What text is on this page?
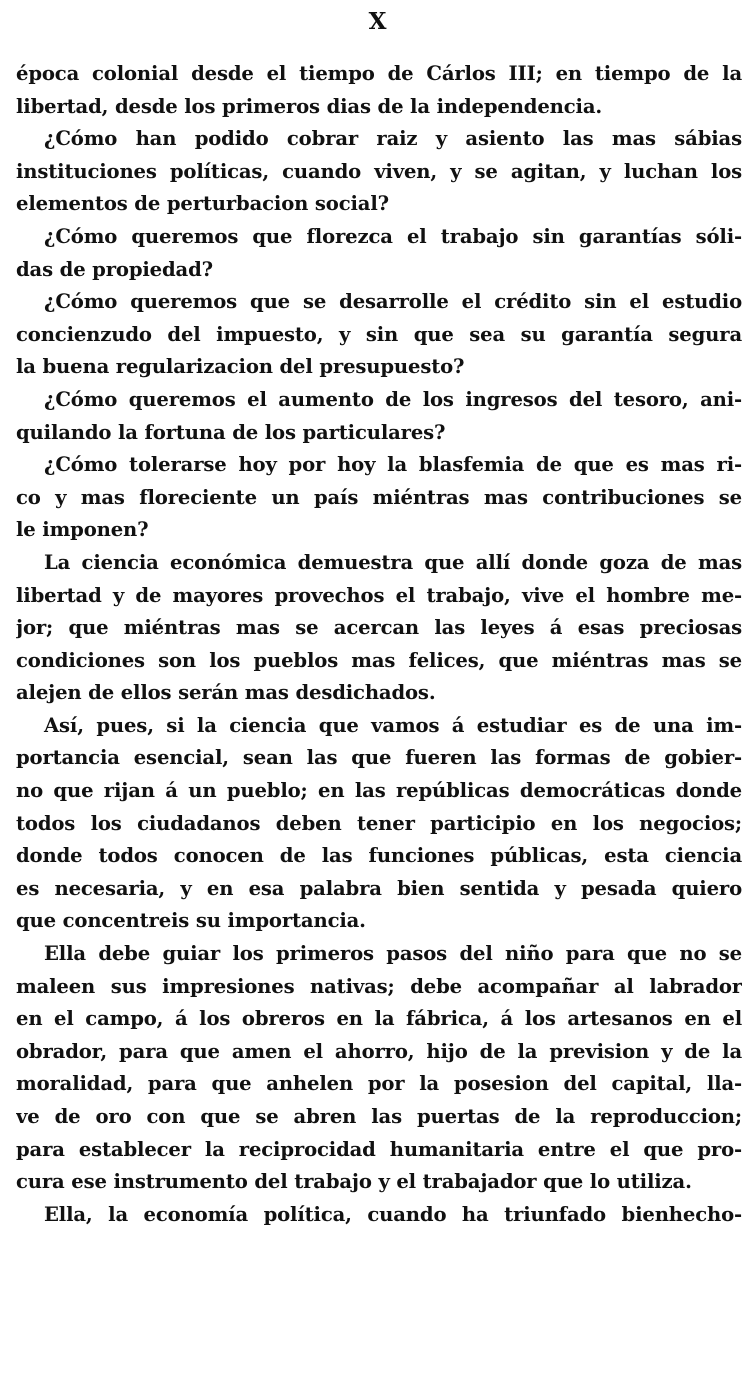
X
época colonial desde el tiempo de Cárlos III; en tiempo de la
libertad, desde los primeros dias de la independencia.
¿Cómo han podido cobrar raiz y asiento las mas sábias
instituciones políticas, cuando viven, y se agitan, y luchan los
elementos de perturbacion social?
¿Cómo queremos que florezca el trabajo sin garantías sóli-
das de propiedad?
¿Cómo queremos que se desarrolle el crédito sin el estudio
concienzudo del impuesto, y sin que sea su garantía segura
la buena regularizacion del presupuesto?
¿Cómo queremos el aumento de los ingresos del tesoro, ani-
quilando la fortuna de los particulares?
¿Cómo tolerarse hoy por hoy la blasfemia de que es mas ri-
co y mas floreciente un país miéntras mas contribuciones se
le imponen?
La ciencia económica demuestra que allí donde goza de mas
libertad y de mayores provechos el trabajo, vive el hombre me-
jor; que miéntras mas se acercan las leyes á esas preciosas
condiciones son los pueblos mas felices, que miéntras mas se
alejen de ellos serán mas desdichados.
Así, pues, si la ciencia que vamos á estudiar es de una im-
portancia esencial, sean las que fueren las formas de gobier-
no que rijan á un pueblo; en las repúblicas democráticas donde
todos los ciudadanos deben tener participio en los negocios;
donde todos conocen de las funciones públicas, esta ciencia
es necesaria, y en esa palabra bien sentida y pesada quiero
que concentreis su importancia.
Ella debe guiar los primeros pasos del niño para que no se
maleen sus impresiones nativas; debe acompañar al labrador
en el campo, á los obreros en la fábrica, á los artesanos en el
obrador, para que amen el ahorro, hijo de la prevision y de la
moralidad, para que anhelen por la posesion del capital, lla-
ve de oro con que se abren las puertas de la reproduccion;
para establecer la reciprocidad humanitaria entre el que pro-
cura ese instrumento del trabajo y el trabajador que lo utiliza.
Ella, la economía política, cuando ha triunfado bienhecho-
